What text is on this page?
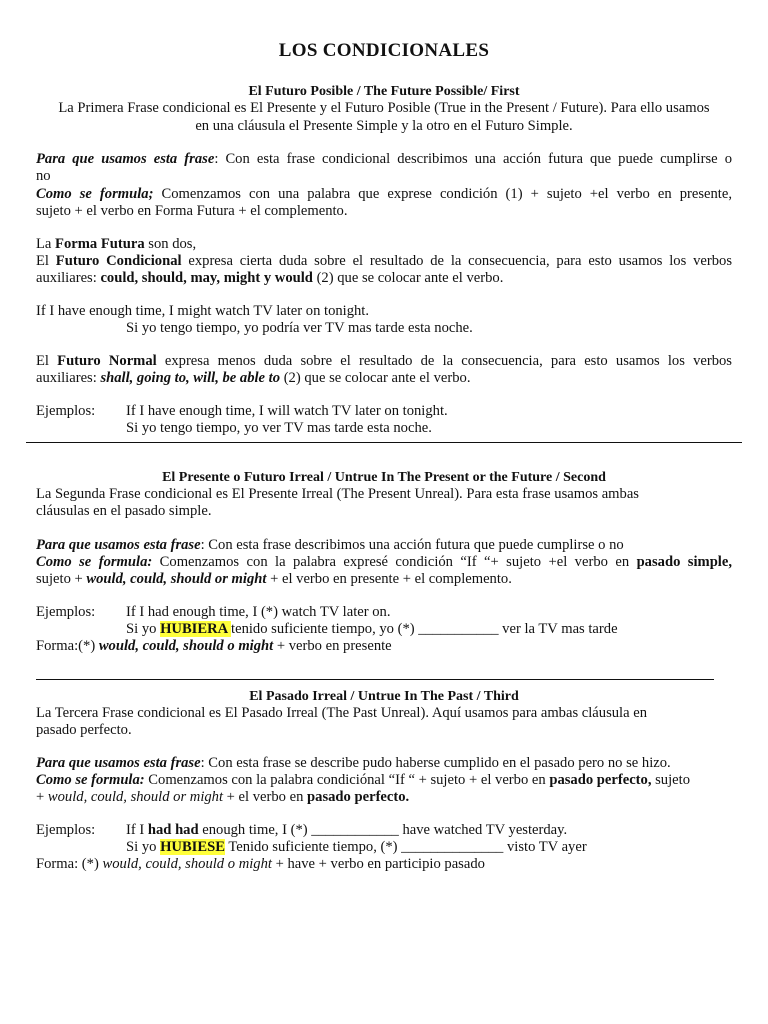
LOS CONDICIONALES
El Futuro Posible / The Future Possible/ First
La Primera Frase condicional es El Presente y el Futuro Posible (True in the Present / Future). Para ello usamos
en una cláusula el Presente Simple y la otro en el Futuro Simple.
Para que usamos esta frase: Con esta frase condicional describimos una acción futura que puede cumplirse o
no
Como se formula; Comenzamos con una palabra que exprese condición (1) + sujeto +el verbo en presente,
sujeto + el verbo en Forma Futura + el complemento.
La Forma Futura son dos,
El Futuro Condicional expresa cierta duda sobre el resultado de la consecuencia, para esto usamos los verbos
auxiliares: could, should, may, might y would (2) que se colocar ante el verbo.
If I have enough time, I might watch TV later on tonight.
Si yo tengo tiempo, yo podría ver TV mas tarde esta noche.
El Futuro Normal expresa menos duda sobre el resultado de la consecuencia, para esto usamos los verbos
auxiliares: shall, going to, will, be able to (2) que se colocar ante el verbo.
Ejemplos: If I have enough time, I will watch TV later on tonight.
Si yo tengo tiempo, yo ver TV mas tarde esta noche.
El Presente o Futuro Irreal / Untrue In The Present or the Future / Second
La Segunda Frase condicional es El Presente Irreal (The Present Unreal). Para esta frase usamos ambas
cláusulas en el pasado simple.
Para que usamos esta frase: Con esta frase describimos una acción futura que puede cumplirse o no
Como se formula: Comenzamos con la palabra expresé condición “If “+ sujeto +el verbo en pasado simple,
sujeto + would, could, should or might + el verbo en presente + el complemento.
Ejemplos: If I had enough time, I (*) watch TV later on.
Si yo HUBIERA tenido suficiente tiempo, yo (*) ___________ ver la TV mas tarde
Forma:(*) would, could, should o might + verbo en presente
El Pasado Irreal / Untrue In The Past / Third
La Tercera Frase condicional es El Pasado Irreal (The Past Unreal). Aquí usamos para ambas cláusula en
pasado perfecto.
Para que usamos esta frase: Con esta frase se describe pudo haberse cumplido en el pasado pero no se hizo.
Como se formula: Comenzamos con la palabra condiciónal “If “ + sujeto + el verbo en pasado perfecto, sujeto
+ would, could, should or might + el verbo en pasado perfecto.
Ejemplos: If I had had enough time, I (*) ____________ have watched TV yesterday.
Si yo HUBIESE Tenido suficiente tiempo, (*) ______________ visto TV ayer
Forma: (*) would, could, should o might + have + verbo en participio pasado
